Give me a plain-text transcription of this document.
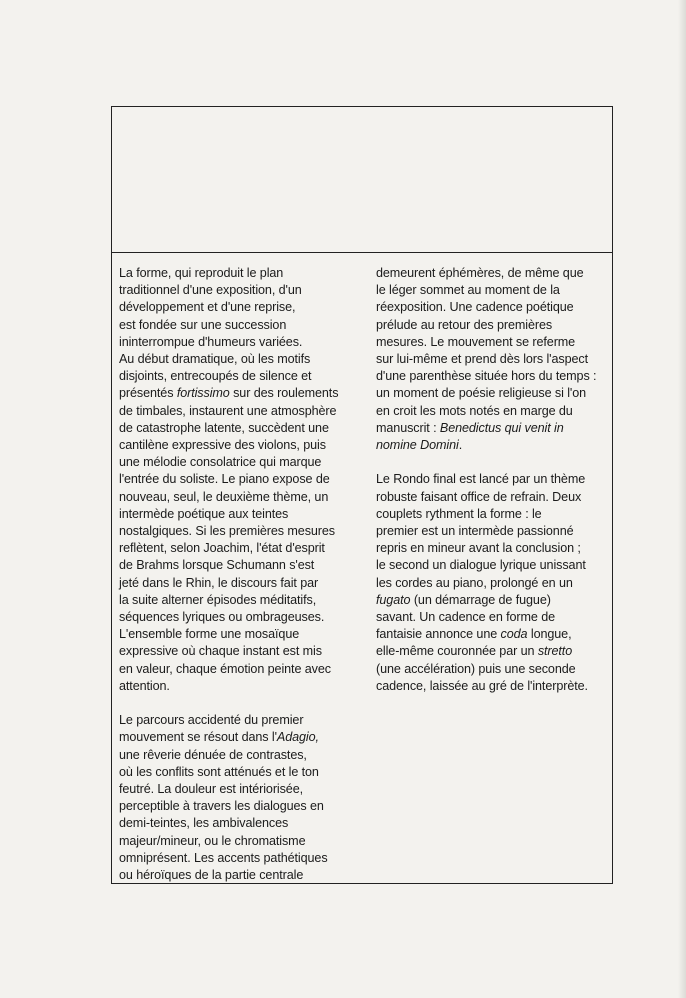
La forme, qui reproduit le plan
traditionnel d'une exposition, d'un
développement et d'une reprise,
est fondée sur une succession
ininterrompue d'humeurs variées.
Au début dramatique, où les motifs
disjoints, entrecoupés de silence et
présentés fortissimo sur des roulements
de timbales, instaurent une atmosphère
de catastrophe latente, succèdent une
cantilène expressive des violons, puis
une mélodie consolatrice qui marque
l'entrée du soliste. Le piano expose de
nouveau, seul, le deuxième thème, un
intermède poétique aux teintes
nostalgiques. Si les premières mesures
reflètent, selon Joachim, l'état d'esprit
de Brahms lorsque Schumann s'est
jeté dans le Rhin, le discours fait par
la suite alterner épisodes méditatifs,
séquences lyriques ou ombrageuses.
L'ensemble forme une mosaïque
expressive où chaque instant est mis
en valeur, chaque émotion peinte avec
attention.
Le parcours accidenté du premier
mouvement se résout dans l'Adagio,
une rêverie dénuée de contrastes,
où les conflits sont atténués et le ton
feutré. La douleur est intériorisée,
perceptible à travers les dialogues en
demi-teintes, les ambivalences
majeur/mineur, ou le chromatisme
omniprésent. Les accents pathétiques
ou héroïques de la partie centrale
demeurent éphémères, de même que
le léger sommet au moment de la
réexposition. Une cadence poétique
prélude au retour des premières
mesures. Le mouvement se referme
sur lui-même et prend dès lors l'aspect
d'une parenthèse située hors du temps :
un moment de poésie religieuse si l'on
en croit les mots notés en marge du
manuscrit : Benedictus qui venit in
nomine Domini.
Le Rondo final est lancé par un thème
robuste faisant office de refrain. Deux
couplets rythment la forme : le
premier est un intermède passionné
repris en mineur avant la conclusion ;
le second un dialogue lyrique unissant
les cordes au piano, prolongé en un
fugato (un démarrage de fugue)
savant. Un cadence en forme de
fantaisie annonce une coda longue,
elle-même couronnée par un stretto
(une accélération) puis une seconde
cadence, laissée au gré de l'interprète.
